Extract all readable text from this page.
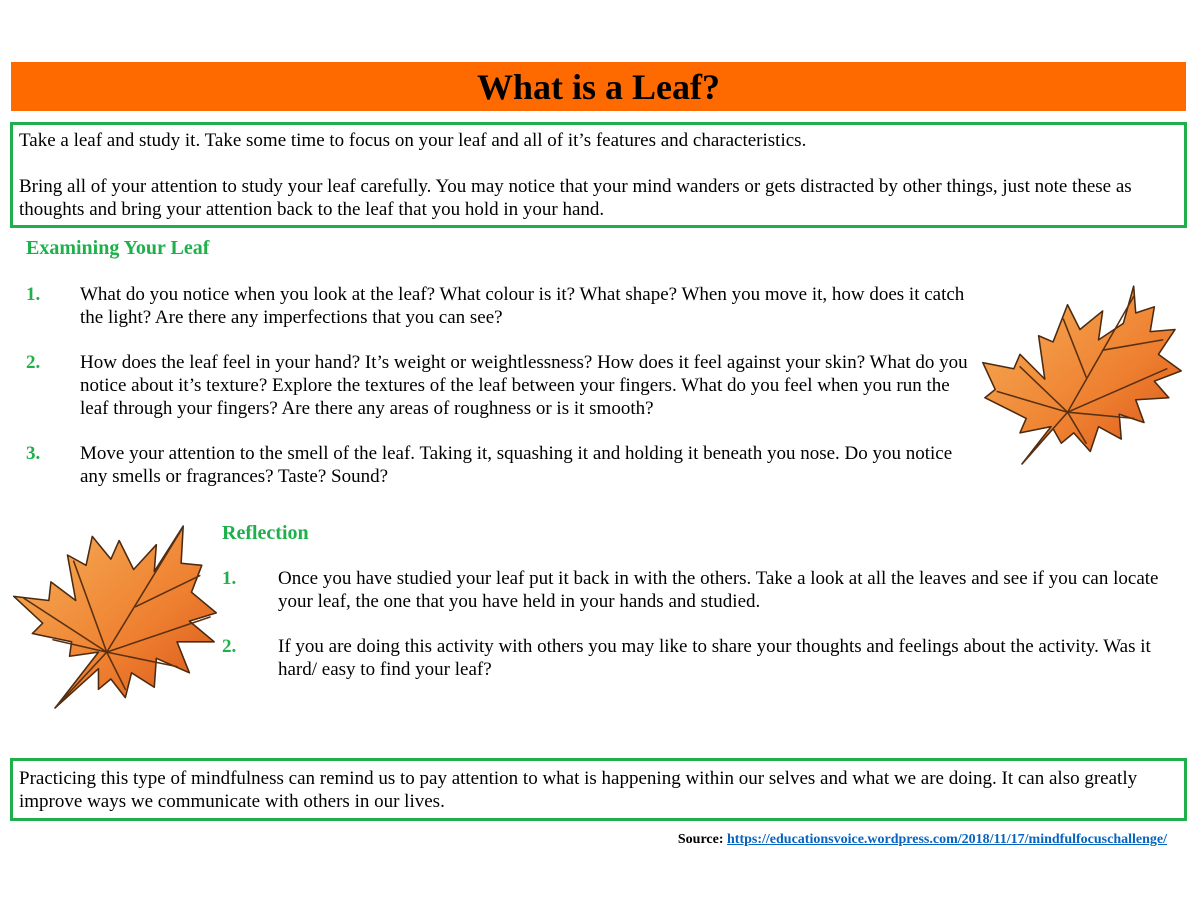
What is a Leaf?

Take a leaf and study it. Take some time to focus on your leaf and all of it’s features and characteristics.

Bring all of your attention to study your leaf carefully. You may notice that your mind wanders or gets distracted by other things, just note these as thoughts and bring your attention back to the leaf that you hold in your hand.

Examining Your Leaf
1. What do you notice when you look at the leaf? What colour is it? What shape? When you move it, how does it catch the light? Are there any imperfections that you can see?
2. How does the leaf feel in your hand? It’s weight or weightlessness? How does it feel against your skin? What do you notice about it’s texture? Explore the textures of the leaf between your fingers. What do you feel when you run the leaf through your fingers? Are there any areas of roughness or is it smooth?
3. Move your attention to the smell of the leaf. Taking it, squashing it and holding it beneath you nose. Do you notice any smells or fragrances? Taste? Sound?
Reflection
1. Once you have studied your leaf put it back in with the others. Take a look at all the leaves and see if you can locate your leaf, the one that you have held in your hands and studied.
2. If you are doing this activity with others you may like to share your thoughts and feelings about the activity. Was it hard/ easy to find your leaf?

Practicing this type of mindfulness can remind us to pay attention to what is happening within our selves and what we are doing. It can also greatly improve ways we communicate with others in our lives.

Source: https://educationsvoice.wordpress.com/2018/11/17/mindfulfocuschallenge/
